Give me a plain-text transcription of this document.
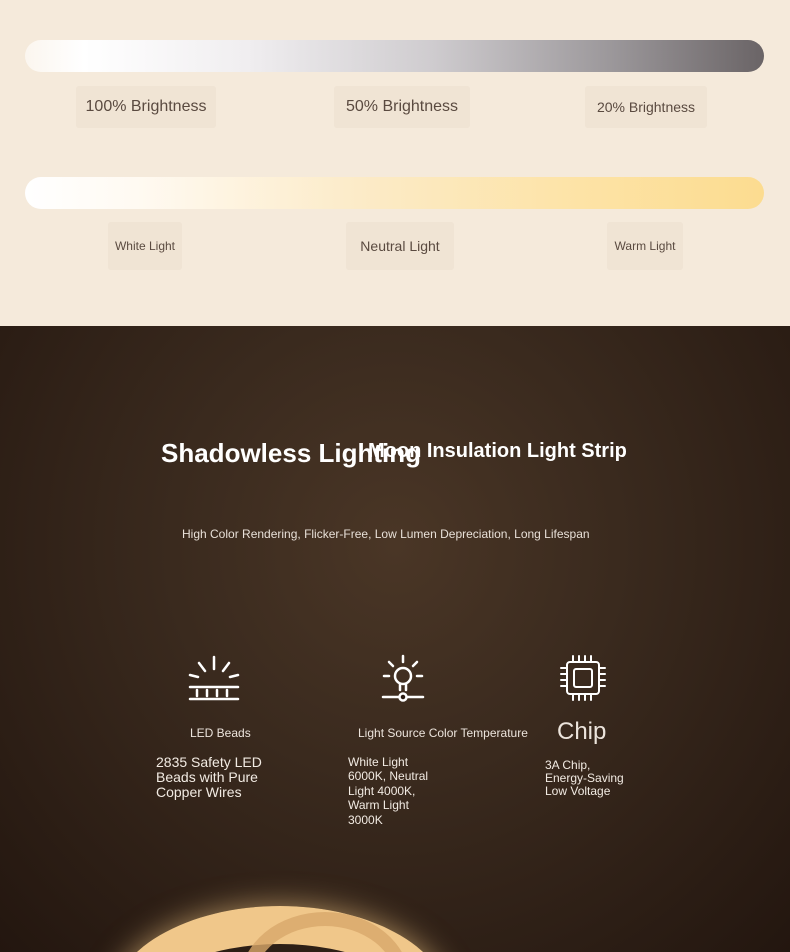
100% Brightness	50% Brightness	20% Brightness
White Light	Neutral Light	Warm Light
Shadowless Lighting
Moon Insulation Light Strip
High Color Rendering, Flicker-Free, Low Lumen Depreciation, Long Lifespan
LED Beads
2835 Safety LED Beads with Pure Copper Wires
Light Source Color Temperature
White Light 6000K, Neutral Light 4000K, Warm Light 3000K
Chip
3A Chip, Energy-Saving Low Voltage
